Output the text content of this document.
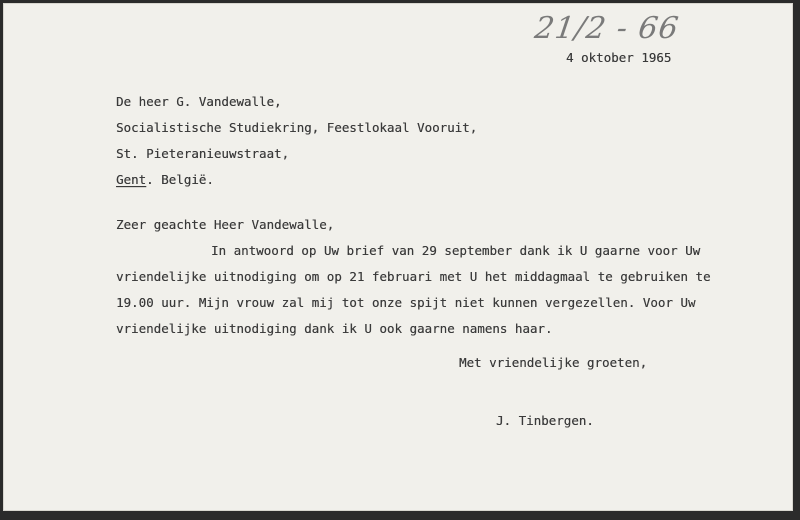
21/2 - 66
4 oktober 1965
De heer G. Vandewalle,
Socialistische Studiekring, Feestlokaal Vooruit,
St. Pieteranieuwstraat,
Gent. België.
Zeer geachte Heer Vandewalle,
In antwoord op Uw brief van 29 september dank ik U gaarne voor Uw
vriendelijke uitnodiging om op 21 februari met U het middagmaal te gebruiken te
19.00 uur. Mijn vrouw zal mij tot onze spijt niet kunnen vergezellen. Voor Uw
vriendelijke uitnodiging dank ik U ook gaarne namens haar.
Met vriendelijke groeten,
J. Tinbergen.
